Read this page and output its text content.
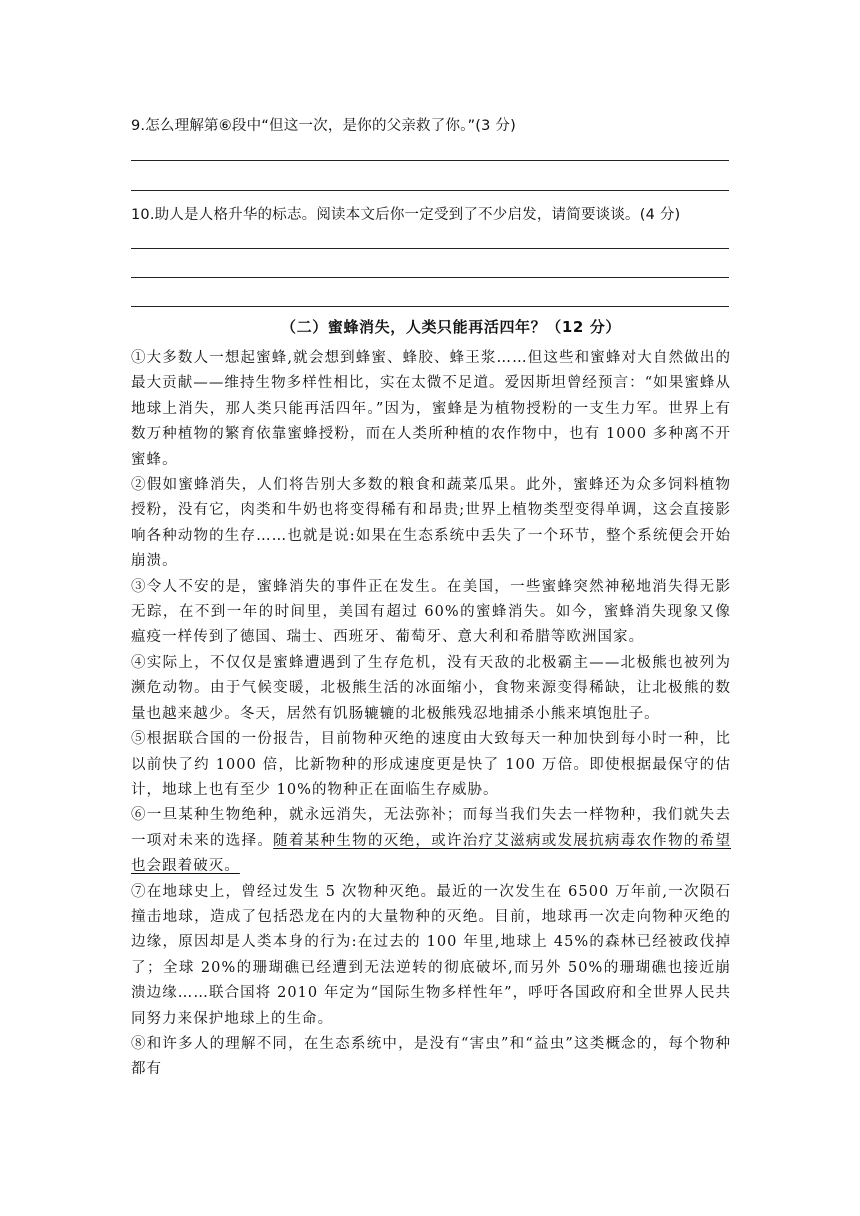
9.怎么理解第⑥段中“但这一次，是你的父亲救了你。”(3 分)
10.助人是人格升华的标志。阅读本文后你一定受到了不少启发，请简要谈谈。(4 分)
（二）蜜蜂消失，人类只能再活四年？（12 分）

①大多数人一想起蜜蜂,就会想到蜂蜜、蜂胶、蜂王浆……但这些和蜜蜂对大自然做出的最大贡献——维持生物多样性相比，实在太微不足道。爱因斯坦曾经预言：“如果蜜蜂从地球上消失，那人类只能再活四年。”因为，蜜蜂是为植物授粉的一支生力军。世界上有数万种植物的繁育依靠蜜蜂授粉，而在人类所种植的农作物中，也有 1000 多种离不开蜜蜂。

②假如蜜蜂消失，人们将告别大多数的粮食和蔬菜瓜果。此外，蜜蜂还为众多饲料植物授粉，没有它，肉类和牛奶也将变得稀有和昂贵;世界上植物类型变得单调，这会直接影响各种动物的生存……也就是说:如果在生态系统中丢失了一个环节，整个系统便会开始崩溃。

③令人不安的是，蜜蜂消失的事件正在发生。在美国，一些蜜蜂突然神秘地消失得无影无踪，在不到一年的时间里，美国有超过 60%的蜜蜂消失。如今，蜜蜂消失现象又像瘟疫一样传到了德国、瑞士、西班牙、葡萄牙、意大利和希腊等欧洲国家。

④实际上，不仅仅是蜜蜂遭遇到了生存危机，没有天敌的北极霸主——北极熊也被列为濒危动物。由于气候变暖，北极熊生活的冰面缩小，食物来源变得稀缺，让北极熊的数量也越来越少。冬天，居然有饥肠辘辘的北极熊残忍地捕杀小熊来填饱肚子。

⑤根据联合国的一份报告，目前物种灭绝的速度由大致每天一种加快到每小时一种，比以前快了约 1000 倍，比新物种的形成速度更是快了 100 万倍。即使根据最保守的估计，地球上也有至少 10%的物种正在面临生存威胁。

⑥一旦某种生物绝种，就永远消失，无法弥补；而每当我们失去一样物种，我们就失去一项对未来的选择。随着某种生物的灭绝，或许治疗艾滋病或发展抗病毒农作物的希望也会跟着破灭。

⑦在地球史上，曾经过发生 5 次物种灭绝。最近的一次发生在 6500 万年前,一次陨石撞击地球，造成了包括恐龙在内的大量物种的灭绝。目前，地球再一次走向物种灭绝的边缘，原因却是人类本身的行为:在过去的 100 年里,地球上 45%的森林已经被政伐掉了；全球 20%的珊瑚礁已经遭到无法逆转的彻底破坏,而另外 50%的珊瑚礁也接近崩溃边缘……联合国将 2010 年定为“国际生物多样性年”，呼吁各国政府和全世界人民共同努力来保护地球上的生命。

⑧和许多人的理解不同，在生态系统中，是没有“害虫”和“益虫”这类概念的，每个物种都有
